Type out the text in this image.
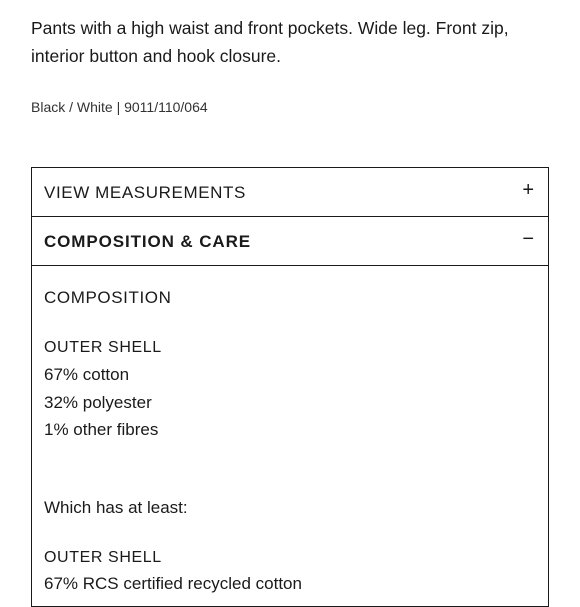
Pants with a high waist and front pockets. Wide leg. Front zip,

interior button and hook closure.

Black / White | 9011/110/064
VIEW MEASUREMENTS	+
COMPOSITION & CARE	−
COMPOSITION
OUTER SHELL
67% cotton
32% polyester
1% other fibres
Which has at least:
OUTER SHELL
67% RCS certified recycled cotton
